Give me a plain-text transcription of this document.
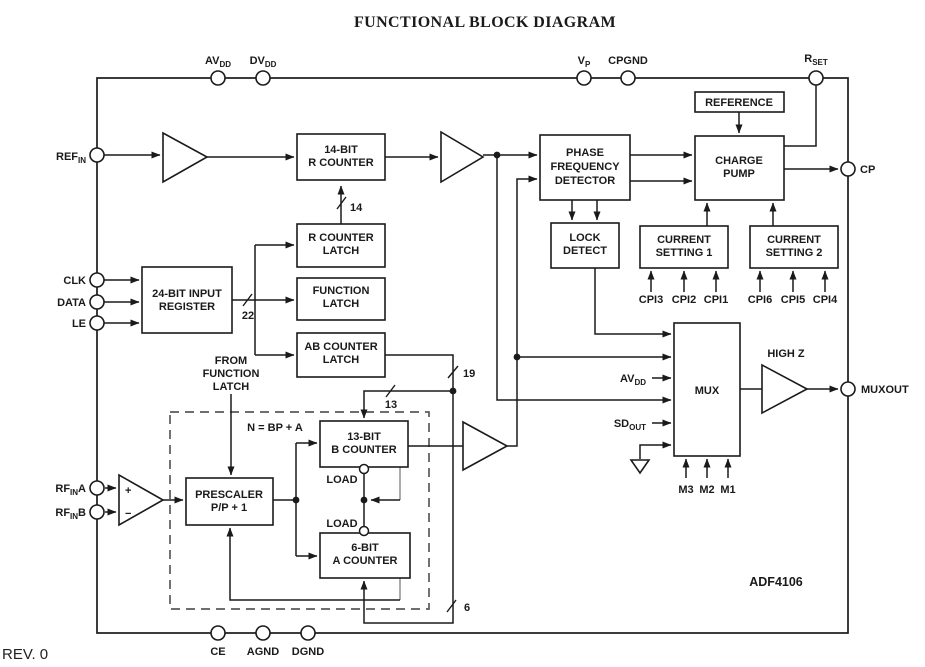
FUNCTIONAL BLOCK DIAGRAM
+
−
14-BIT R COUNTER
R COUNTER LATCH
FUNCTION LATCH
AB COUNTER LATCH
24-BIT INPUT REGISTER
PHASE FREQUENCY DETECTOR
LOCK DETECT
REFERENCE
CHARGE PUMP
CURRENT SETTING 1
CURRENT SETTING 2
MUX
PRESCALER P/P + 1
13-BIT B COUNTER
6-BIT A COUNTER
$AV_{DD}$ $DV_{DD}$	$V_P$ CPGND	$R_{SET}$
$REF_{IN}$
CLK
DATA
LE
$RF_{IN}A$
$RF_{IN}B$
CP
MUXOUT
CE AGND DGND
14
22
19
13
6
FROM FUNCTION LATCH
N = BP + A
LOAD
LOAD
HIGH Z
$AV_{DD}$
$SD_{OUT}$
CPI3 CPI2 CPI1 CPI6 CPI5 CPI4
M3 M2 M1
ADF4106
REV. 0
